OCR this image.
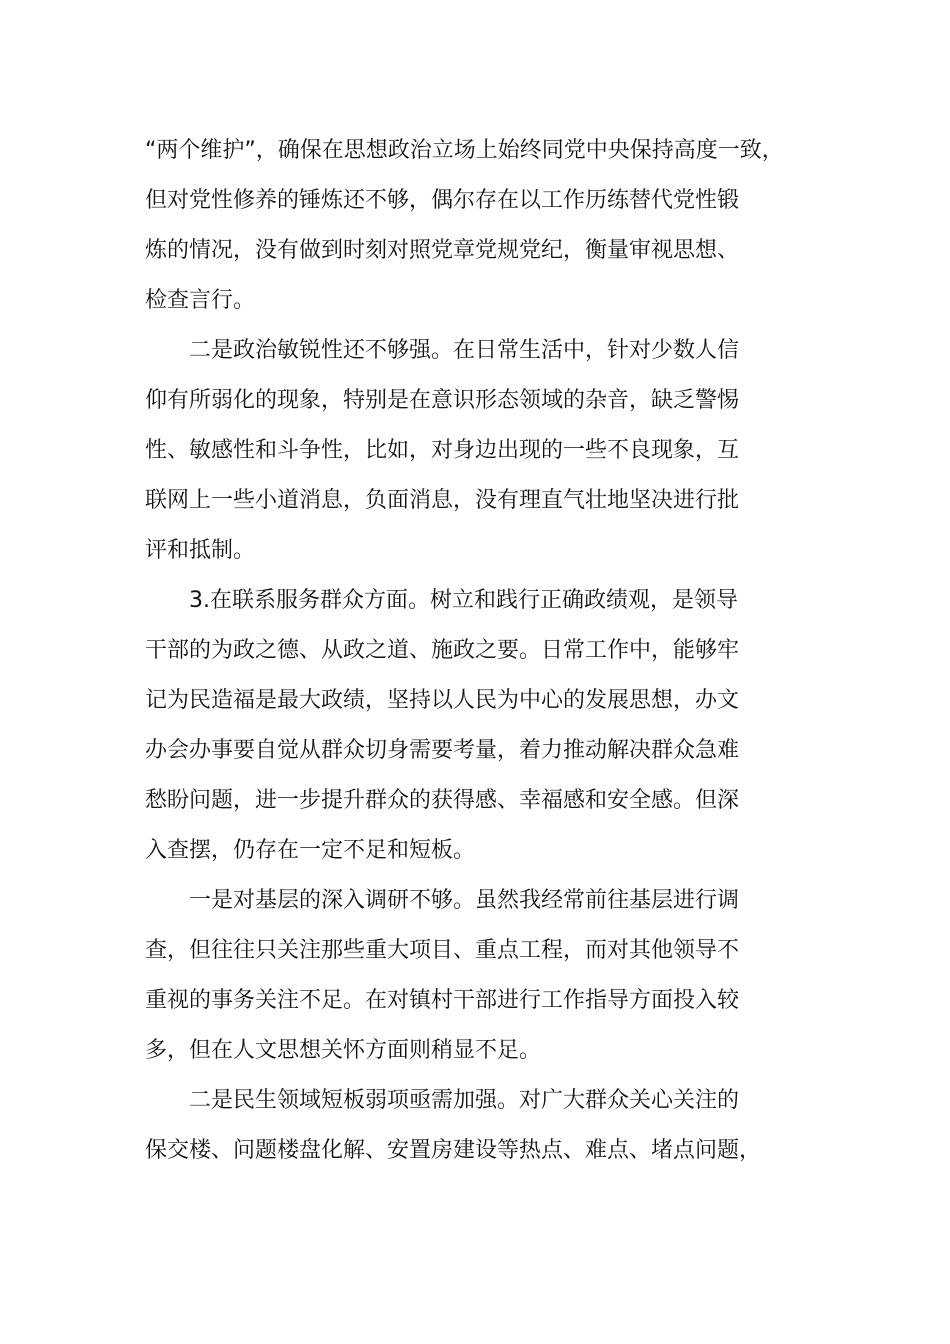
“两个维护”，确保在思想政治立场上始终同党中央保持高度一致，
但对党性修养的锤炼还不够，偶尔存在以工作历练替代党性锻
炼的情况，没有做到时刻对照党章党规党纪，衡量审视思想、
检查言行。
二是政治敏锐性还不够强。在日常生活中，针对少数人信
仰有所弱化的现象，特别是在意识形态领域的杂音，缺乏警惕
性、敏感性和斗争性，比如，对身边出现的一些不良现象，互
联网上一些小道消息，负面消息，没有理直气壮地坚决进行批
评和抵制。
3.在联系服务群众方面。树立和践行正确政绩观，是领导
干部的为政之德、从政之道、施政之要。日常工作中，能够牢
记为民造福是最大政绩，坚持以人民为中心的发展思想，办文
办会办事要自觉从群众切身需要考量，着力推动解决群众急难
愁盼问题，进一步提升群众的获得感、幸福感和安全感。但深
入查摆，仍存在一定不足和短板。
一是对基层的深入调研不够。虽然我经常前往基层进行调
查，但往往只关注那些重大项目、重点工程，而对其他领导不
重视的事务关注不足。在对镇村干部进行工作指导方面投入较
多，但在人文思想关怀方面则稍显不足。
二是民生领域短板弱项亟需加强。对广大群众关心关注的
保交楼、问题楼盘化解、安置房建设等热点、难点、堵点问题，
